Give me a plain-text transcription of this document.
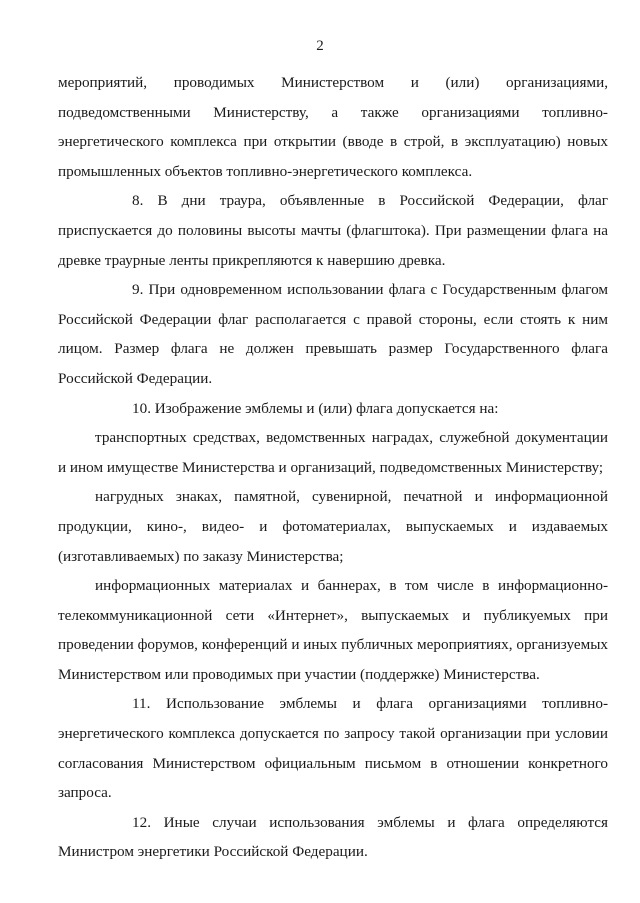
2

мероприятий, проводимых Министерством и (или) организациями, подведомственными Министерству, а также организациями топливно-энергетического комплекса при открытии (вводе в строй, в эксплуатацию) новых промышленных объектов топливно-энергетического комплекса.

8. В дни траура, объявленные в Российской Федерации, флаг приспускается до половины высоты мачты (флагштока). При размещении флага на древке траурные ленты прикрепляются к навершию древка.

9. При одновременном использовании флага с Государственным флагом Российской Федерации флаг располагается с правой стороны, если стоять к ним лицом. Размер флага не должен превышать размер Государственного флага Российской Федерации.

10. Изображение эмблемы и (или) флага допускается на:

транспортных средствах, ведомственных наградах, служебной документации и ином имуществе Министерства и организаций, подведомственных Министерству;

нагрудных знаках, памятной, сувенирной, печатной и информационной продукции, кино-, видео- и фотоматериалах, выпускаемых и издаваемых (изготавливаемых) по заказу Министерства;

информационных материалах и баннерах, в том числе в информационно-телекоммуникационной сети «Интернет», выпускаемых и публикуемых при проведении форумов, конференций и иных публичных мероприятиях, организуемых Министерством или проводимых при участии (поддержке) Министерства.

11. Использование эмблемы и флага организациями топливно-энергетического комплекса допускается по запросу такой организации при условии согласования Министерством официальным письмом в отношении конкретного запроса.

12. Иные случаи использования эмблемы и флага определяются Министром энергетики Российской Федерации.
